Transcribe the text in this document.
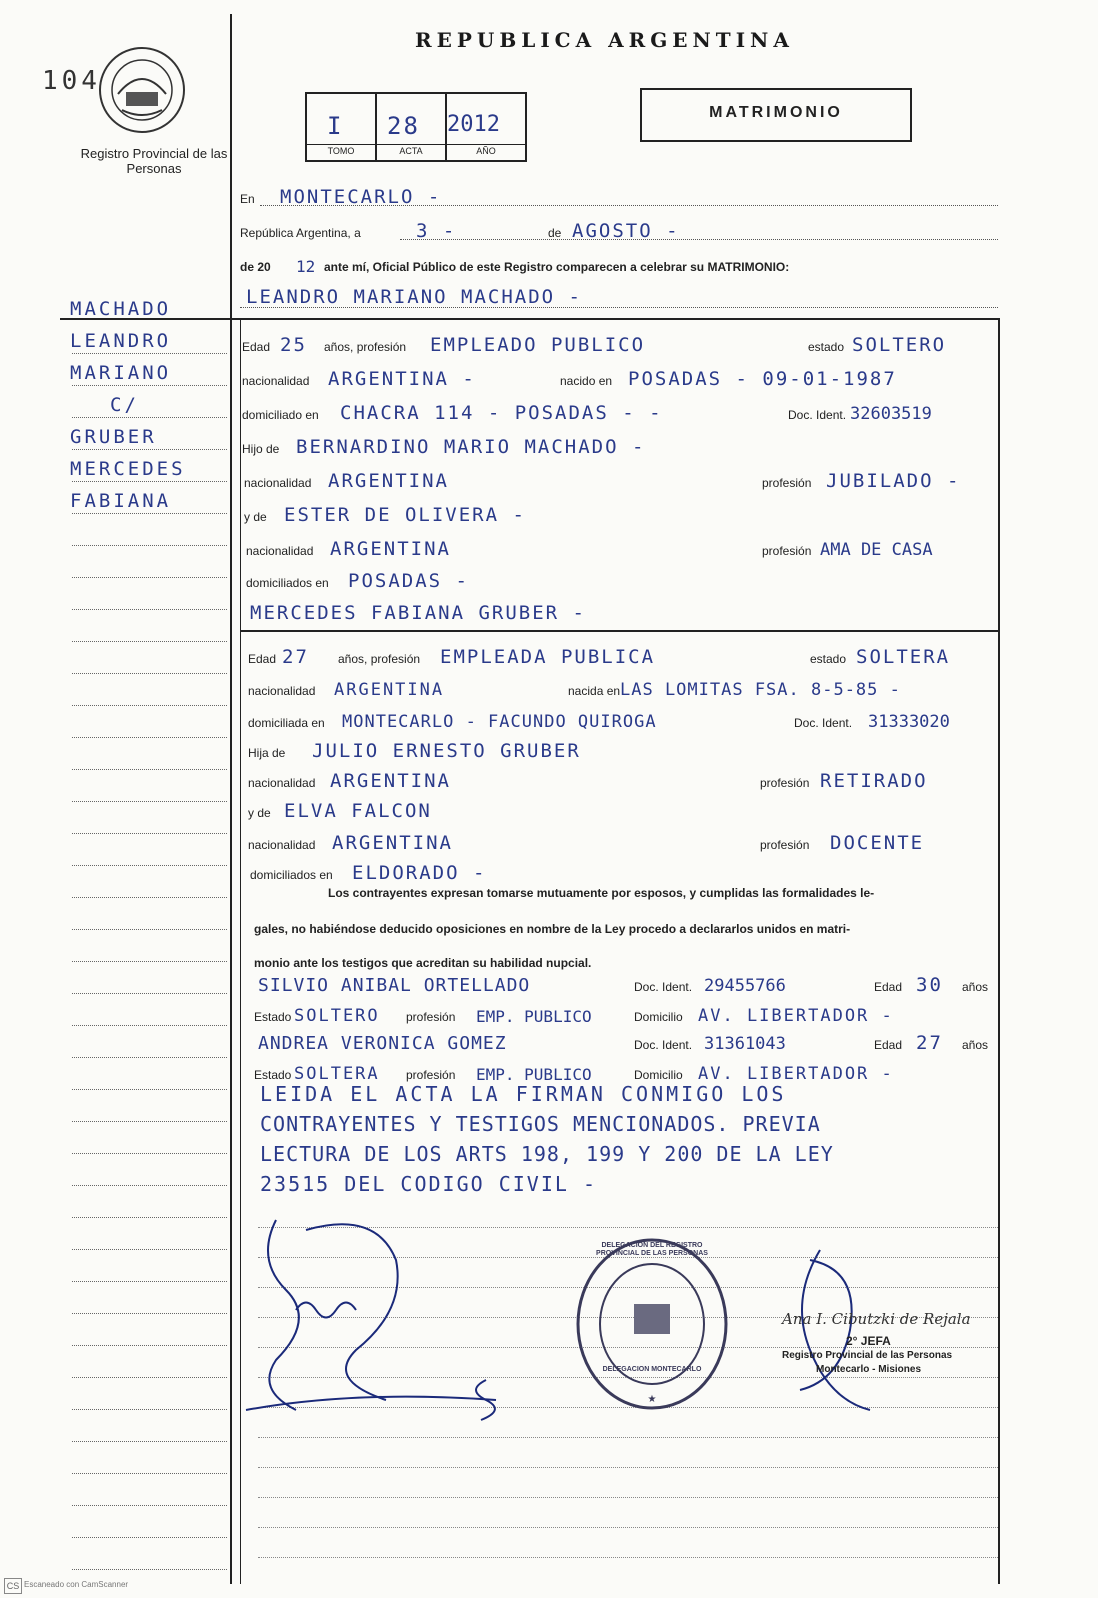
104
Registro Provincial de las Personas
REPUBLICA ARGENTINA
I 28 2012
TOMO	ACTA	AÑO
MATRIMONIO
En MONTECARLO -
República Argentina, a	3 -	de AGOSTO -
de 20 12 ante mí, Oficial Público de este Registro comparecen a celebrar su MATRIMONIO:
MACHADO
LEANDRO
MARIANO
C/
GRUBER
MERCEDES
FABIANA
LEANDRO MARIANO MACHADO -
Edad 25 años, profesión EMPLEADO PUBLICO	estado SOLTERO
nacionalidad ARGENTINA -	nacido en POSADAS - 09-01-1987
domiciliado en CHACRA 114 - POSADAS - -	Doc. Ident. 32603519
Hijo de BERNARDINO MARIO MACHADO -
nacionalidad ARGENTINA	profesión JUBILADO -
y de ESTER DE OLIVERA -
nacionalidad ARGENTINA	profesión AMA DE CASA
domiciliados en POSADAS -
MERCEDES FABIANA GRUBER -
Edad 27 años, profesión EMPLEADA PUBLICA	estado SOLTERA
nacionalidad ARGENTINA	nacida en LAS LOMITAS FSA. 8-5-85 -
domiciliada en MONTECARLO - FACUNDO QUIROGA	Doc. Ident. 31333020
Hija de JULIO ERNESTO GRUBER
nacionalidad ARGENTINA	profesión RETIRADO
y de ELVA FALCON
nacionalidad ARGENTINA	profesión DOCENTE
domiciliados en ELDORADO -
Los contrayentes expresan tomarse mutuamente por esposos, y cumplidas las formalidades le-
gales, no habiéndose deducido oposiciones en nombre de la Ley procedo a declararlos unidos en matri-
monio ante los testigos que acreditan su habilidad nupcial.
SILVIO ANIBAL ORTELLADO	Doc. Ident. 29455766	Edad 30 años
Estado SOLTERO profesión EMP. PUBLICO	Domicilio AV. LIBERTADOR -
ANDREA VERONICA GOMEZ	Doc. Ident. 31361043	Edad 27 años
Estado SOLTERA profesión EMP. PUBLICO	Domicilio AV. LIBERTADOR -
LEIDA EL ACTA LA FIRMAN CONMIGO LOS
CONTRAYENTES Y TESTIGOS MENCIONADOS. PREVIA
LECTURA DE LOS ARTS 198, 199 Y 200 DE LA LEY
23515 DEL CODIGO CIVIL -
★
DELEGACION DEL REGISTRO PROVINCIAL DE LAS PERSONAS
DELEGACION MONTECARLO
Ana I. Cibutzki de Rejala
2° JEFA
Registro Provincial de las Personas
Montecarlo - Misiones
CS Escaneado con CamScanner
